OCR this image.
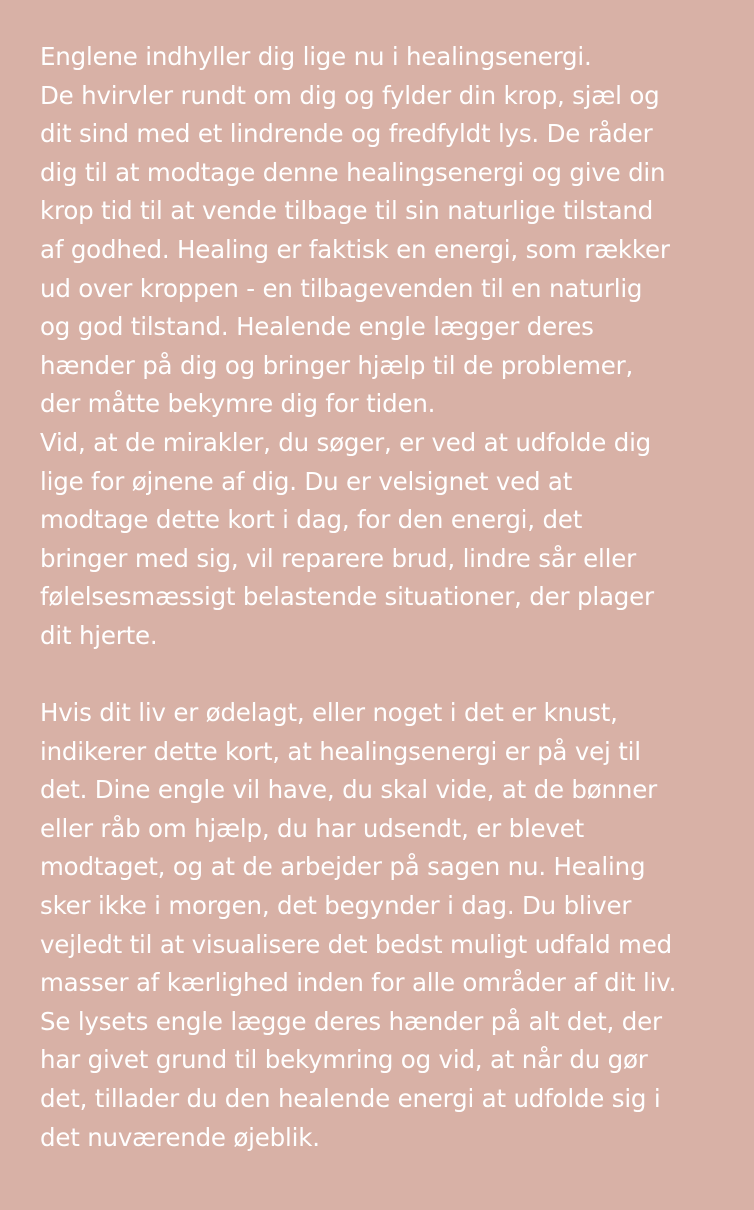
Englene indhyller dig lige nu i healingsenergi.
De hvirvler rundt om dig og fylder din krop, sjæl og
dit sind med et lindrende og fredfyldt lys. De råder
dig til at modtage denne healingsenergi og give din
krop tid til at vende tilbage til sin naturlige tilstand
af godhed. Healing er faktisk en energi, som rækker
ud over kroppen - en tilbagevenden til en naturlig
og god tilstand. Healende engle lægger deres
hænder på dig og bringer hjælp til de problemer,
der måtte bekymre dig for tiden.
Vid, at de mirakler, du søger, er ved at udfolde dig
lige for øjnene af dig. Du er velsignet ved at
modtage dette kort i dag, for den energi, det
bringer med sig, vil reparere brud, lindre sår eller
følelsesmæssigt belastende situationer, der plager
dit hjerte.
Hvis dit liv er ødelagt, eller noget i det er knust,
indikerer dette kort, at healingsenergi er på vej til
det. Dine engle vil have, du skal vide, at de bønner
eller råb om hjælp, du har udsendt, er blevet
modtaget, og at de arbejder på sagen nu. Healing
sker ikke i morgen, det begynder i dag. Du bliver
vejledt til at visualisere det bedst muligt udfald med
masser af kærlighed inden for alle områder af dit liv.
Se lysets engle lægge deres hænder på alt det, der
har givet grund til bekymring og vid, at når du gør
det, tillader du den healende energi at udfolde sig i
det nuværende øjeblik.
